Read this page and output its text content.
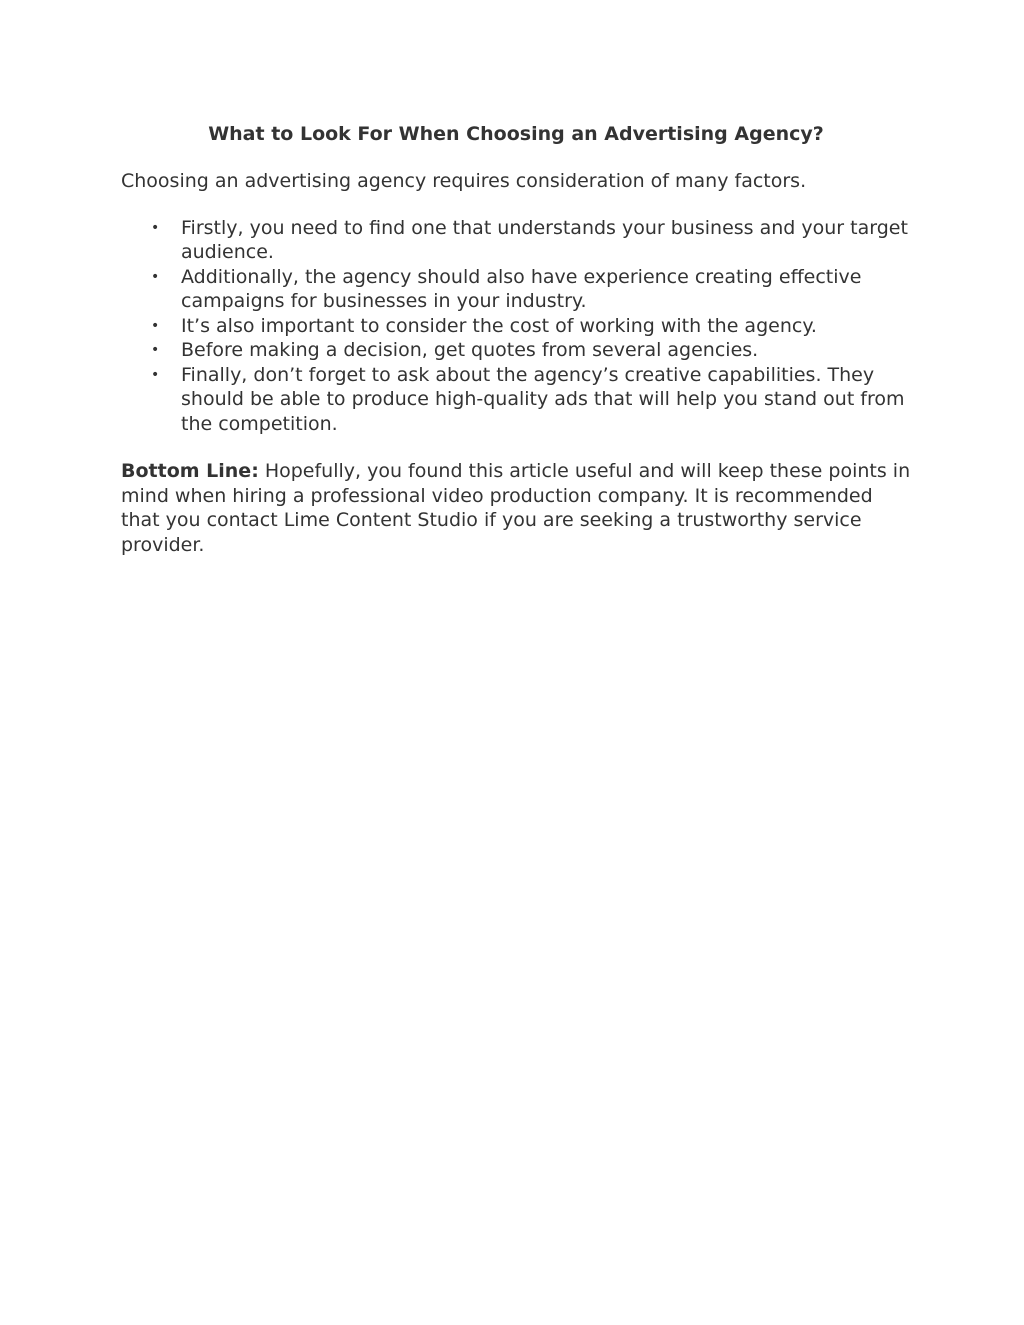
What to Look For When Choosing an Advertising Agency?

Choosing an advertising agency requires consideration of many factors.

• Firstly, you need to find one that understands your business and your target audience.
• Additionally, the agency should also have experience creating effective campaigns for businesses in your industry.
• It’s also important to consider the cost of working with the agency.
• Before making a decision, get quotes from several agencies.
• Finally, don’t forget to ask about the agency’s creative capabilities. They should be able to produce high-quality ads that will help you stand out from the competition.

Bottom Line: Hopefully, you found this article useful and will keep these points in mind when hiring a professional video production company. It is recommended that you contact Lime Content Studio if you are seeking a trustworthy service provider.
